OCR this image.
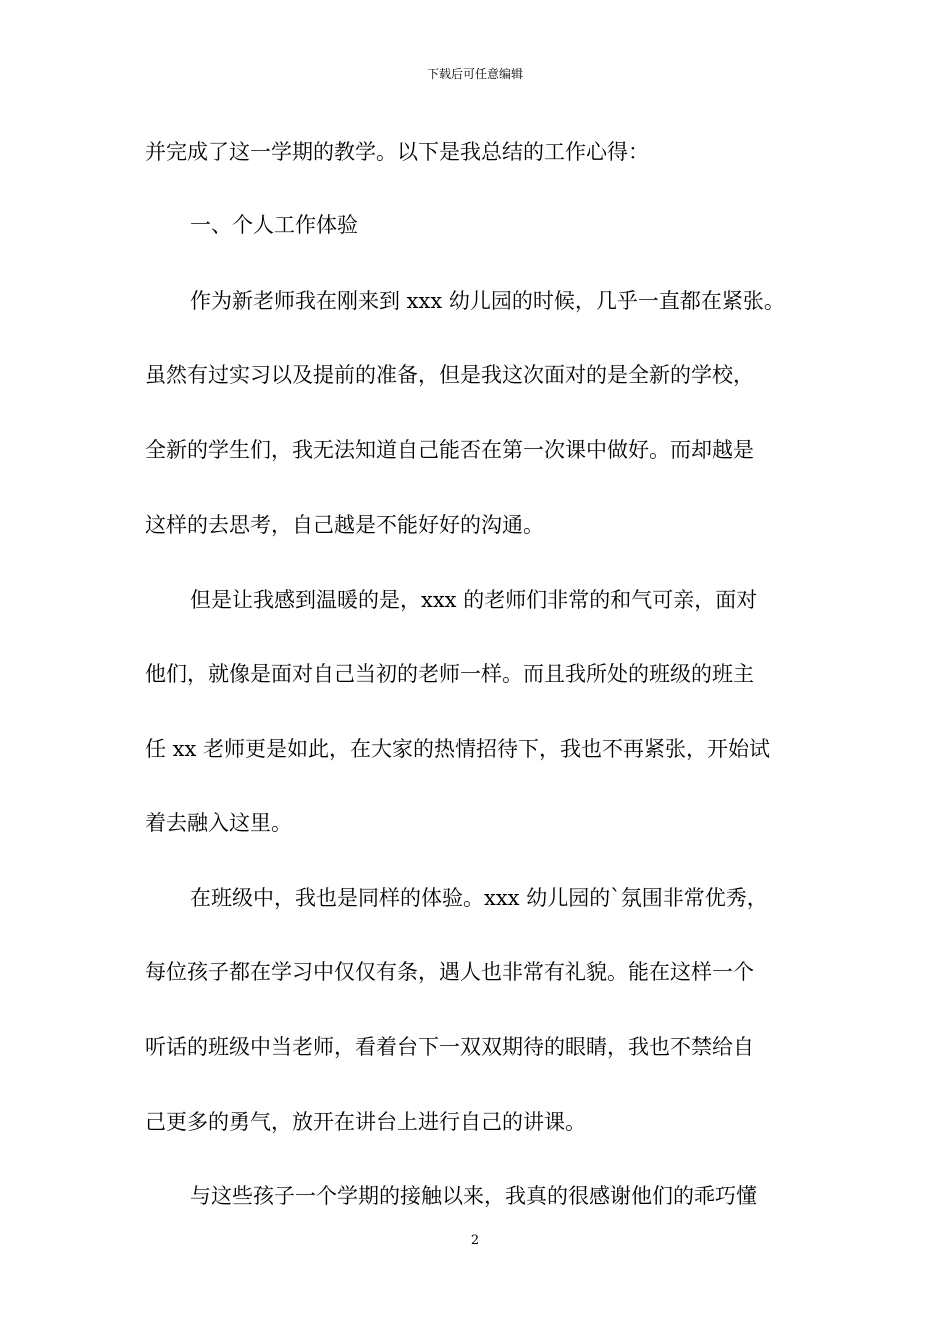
下载后可任意编辑
并完成了这一学期的教学。以下是我总结的工作心得：
一、个人工作体验
作为新老师我在刚来到 xxx 幼儿园的时候，几乎一直都在紧张。
虽然有过实习以及提前的准备，但是我这次面对的是全新的学校，
全新的学生们，我无法知道自己能否在第一次课中做好。而却越是
这样的去思考，自己越是不能好好的沟通。
但是让我感到温暖的是，xxx 的老师们非常的和气可亲，面对
他们，就像是面对自己当初的老师一样。而且我所处的班级的班主
任 xx 老师更是如此，在大家的热情招待下，我也不再紧张，开始试
着去融入这里。
在班级中，我也是同样的体验。xxx 幼儿园的`氛围非常优秀，
每位孩子都在学习中仅仅有条，遇人也非常有礼貌。能在这样一个
听话的班级中当老师，看着台下一双双期待的眼睛，我也不禁给自
己更多的勇气，放开在讲台上进行自己的讲课。
与这些孩子一个学期的接触以来，我真的很感谢他们的乖巧懂
2
